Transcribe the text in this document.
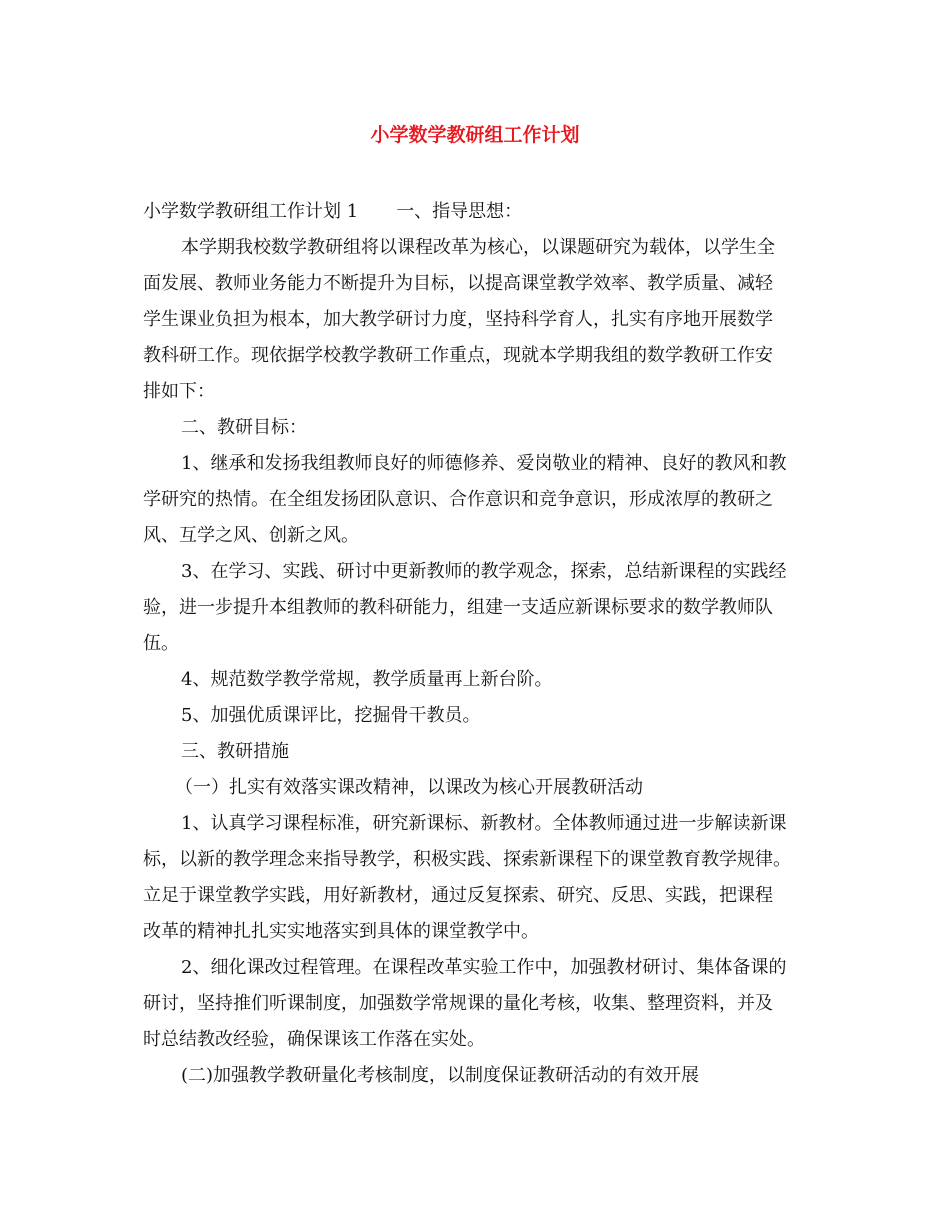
小学数学教研组工作计划
小学数学教研组工作计划 1 一、指导思想：
本学期我校数学教研组将以课程改革为核心，以课题研究为载体，以学生全
面发展、教师业务能力不断提升为目标，以提高课堂教学效率、教学质量、减轻
学生课业负担为根本，加大教学研讨力度，坚持科学育人，扎实有序地开展数学
教科研工作。现依据学校教学教研工作重点，现就本学期我组的数学教研工作安
排如下：
二、教研目标：
1、继承和发扬我组教师良好的师德修养、爱岗敬业的精神、良好的教风和教
学研究的热情。在全组发扬团队意识、合作意识和竞争意识，形成浓厚的教研之
风、互学之风、创新之风。
3、在学习、实践、研讨中更新教师的教学观念，探索，总结新课程的实践经
验，进一步提升本组教师的教科研能力，组建一支适应新课标要求的数学教师队
伍。
4、规范数学教学常规，教学质量再上新台阶。
5、加强优质课评比，挖掘骨干教员。
三、教研措施
（一）扎实有效落实课改精神，以课改为核心开展教研活动
1、认真学习课程标准，研究新课标、新教材。全体教师通过进一步解读新课
标，以新的教学理念来指导教学，积极实践、探索新课程下的课堂教育教学规律。
立足于课堂教学实践，用好新教材，通过反复探索、研究、反思、实践，把课程
改革的精神扎扎实实地落实到具体的课堂教学中。
2、细化课改过程管理。在课程改革实验工作中，加强教材研讨、集体备课的
研讨，坚持推们听课制度，加强数学常规课的量化考核，收集、整理资料，并及
时总结教改经验，确保课该工作落在实处。
(二)加强教学教研量化考核制度，以制度保证教研活动的有效开展
